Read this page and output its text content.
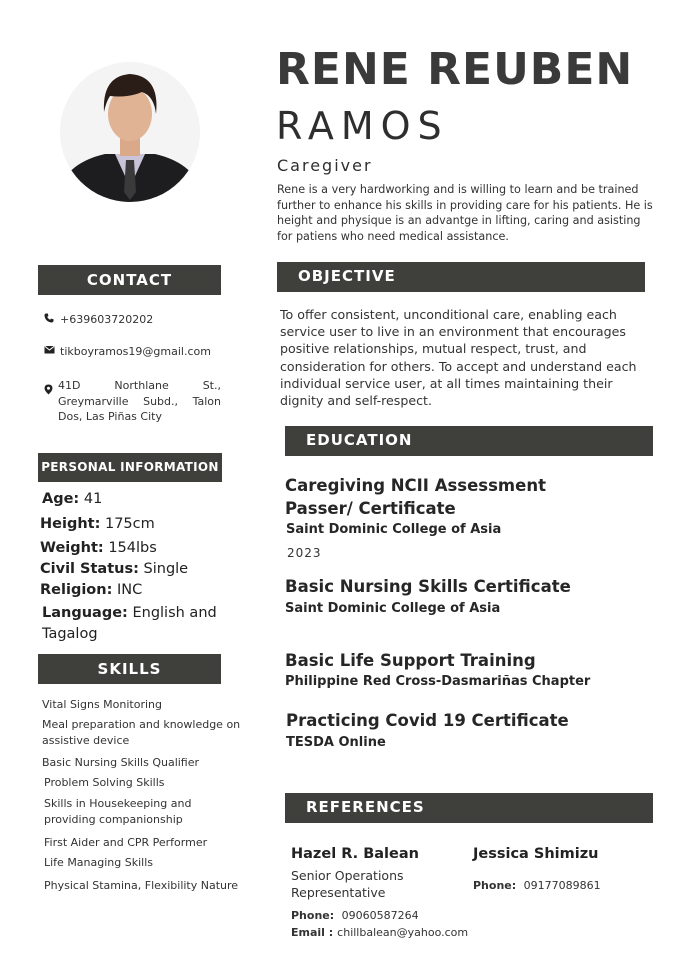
RENE REUBEN
RAMOS
Caregiver
Rene is a very hardworking and is willing to learn and be trained further to enhance his skills in providing care for his patients. He is height and physique is an advantge in lifting, caring and asisting for patiens who need medical assistance.
CONTACT
+639603720202
tikboyramos19@gmail.com
41D Northlane St., Greymarville Subd., Talon Dos, Las Piñas City
PERSONAL INFORMATION
Age: 41
Height: 175cm
Weight: 154lbs
Civil Status: Single
Religion: INC
Language: English and
Tagalog
SKILLS
Vital Signs Monitoring
Meal preparation and knowledge on assistive device
Basic Nursing Skills Qualifier
Problem Solving Skills
Skills in Housekeeping and providing companionship
First Aider and CPR Performer
Life Managing Skills
Physical Stamina, Flexibility Nature
OBJECTIVE
To offer consistent, unconditional care, enabling each service user to live in an environment that encourages positive relationships, mutual respect, trust, and consideration for others. To accept and understand each individual service user, at all times maintaining their dignity and self-respect.
EDUCATION
Caregiving NCII Assessment
Passer/ Certificate
Saint Dominic College of Asia
2023
Basic Nursing Skills Certificate
Saint Dominic College of Asia
Basic Life Support Training
Philippine Red Cross-Dasmariñas Chapter
Practicing Covid 19 Certificate
TESDA Online
REFERENCES
Hazel R. Balean
Senior Operations
Representative
Phone: 09060587264
Email : chillbalean@yahoo.com
Jessica Shimizu
Phone: 09177089861
